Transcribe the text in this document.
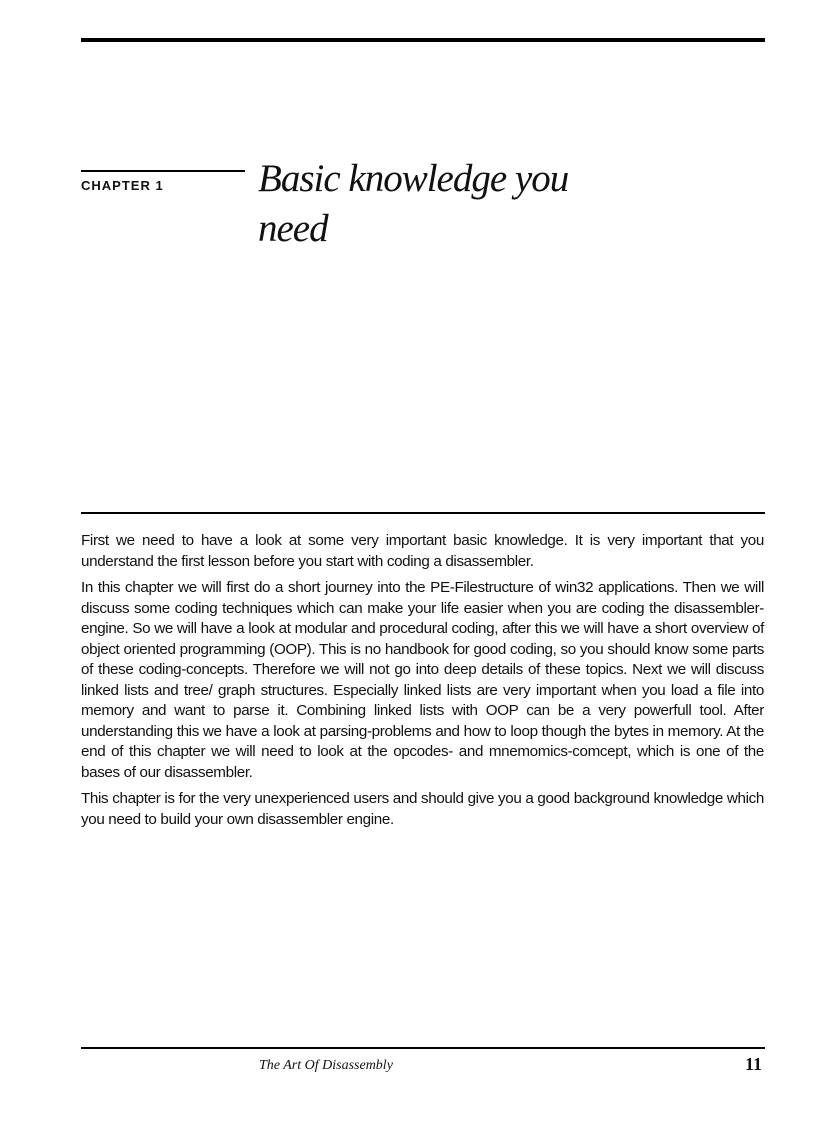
CHAPTER 1 Basic knowledge you need

First we need to have a look at some very important basic knowledge. It is very important that you understand the first lesson before you start with coding a disassembler.

In this chapter we will first do a short journey into the PE-Filestructure of win32 applications. Then we will discuss some coding techniques which can make your life easier when you are coding the disassembler-engine. So we will have a look at modular and procedural coding, after this we will have a short overview of object oriented programming (OOP). This is no handbook for good coding, so you should know some parts of these coding-concepts. Therefore we will not go into deep details of these topics. Next we will discuss linked lists and tree/ graph structures. Especially linked lists are very important when you load a file into memory and want to parse it. Combining linked lists with OOP can be a very powerfull tool. After understanding this we have a look at parsing-problems and how to loop though the bytes in memory. At the end of this chapter we will need to look at the opcodes- and mnemomics-comcept, which is one of the bases of our disassembler.

This chapter is for the very unexperienced users and should give you a good background knowledge which you need to build your own disassembler engine.

The Art Of Disassembly	11
